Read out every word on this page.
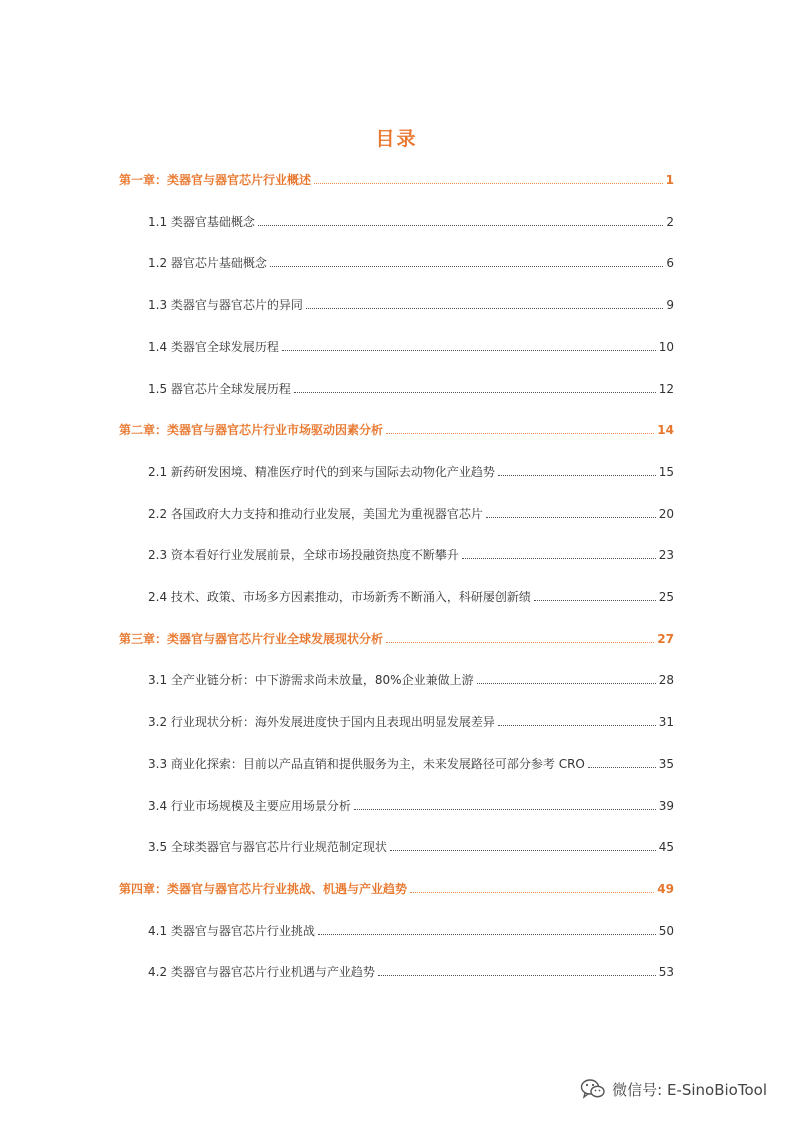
目录
第一章：类器官与器官芯片行业概述	1
1.1 类器官基础概念	2
1.2 器官芯片基础概念	6
1.3 类器官与器官芯片的异同	9
1.4 类器官全球发展历程	10
1.5 器官芯片全球发展历程	12
第二章：类器官与器官芯片行业市场驱动因素分析	14
2.1 新药研发困境、精准医疗时代的到来与国际去动物化产业趋势	15
2.2 各国政府大力支持和推动行业发展，美国尤为重视器官芯片	20
2.3 资本看好行业发展前景，全球市场投融资热度不断攀升	23
2.4 技术、政策、市场多方因素推动，市场新秀不断涌入，科研屡创新绩	25
第三章：类器官与器官芯片行业全球发展现状分析	27
3.1 全产业链分析：中下游需求尚未放量，80%企业兼做上游	28
3.2 行业现状分析：海外发展进度快于国内且表现出明显发展差异	31
3.3 商业化探索：目前以产品直销和提供服务为主，未来发展路径可部分参考 CRO	35
3.4 行业市场规模及主要应用场景分析	39
3.5 全球类器官与器官芯片行业规范制定现状	45
第四章：类器官与器官芯片行业挑战、机遇与产业趋势	49
4.1 类器官与器官芯片行业挑战	50
4.2 类器官与器官芯片行业机遇与产业趋势	53
微信号: E-SinoBioTool
